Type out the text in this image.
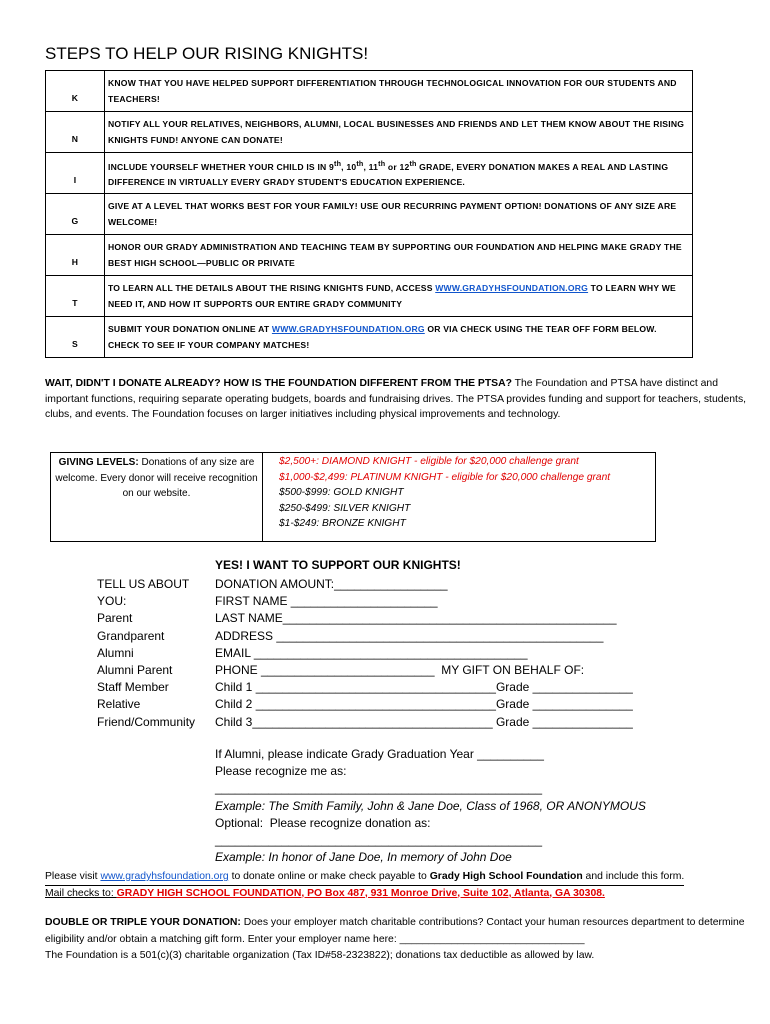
STEPS TO HELP OUR RISING KNIGHTS!
K	KNOW THAT YOU HAVE HELPED SUPPORT DIFFERENTIATION THROUGH TECHNOLOGICAL INNOVATION FOR OUR STUDENTS AND TEACHERS!
N	NOTIFY ALL YOUR RELATIVES, NEIGHBORS, ALUMNI, LOCAL BUSINESSES AND FRIENDS AND LET THEM KNOW ABOUT THE RISING KNIGHTS FUND! ANYONE CAN DONATE!
I	INCLUDE YOURSELF WHETHER YOUR CHILD IS IN 9th, 10th, 11th or 12th GRADE, EVERY DONATION MAKES A REAL AND LASTING DIFFERENCE IN VIRTUALLY EVERY GRADY STUDENT'S EDUCATION EXPERIENCE.
G	GIVE AT A LEVEL THAT WORKS BEST FOR YOUR FAMILY! USE OUR RECURRING PAYMENT OPTION! DONATIONS OF ANY SIZE ARE WELCOME!
H	HONOR OUR GRADY ADMINISTRATION AND TEACHING TEAM BY SUPPORTING OUR FOUNDATION AND HELPING MAKE GRADY THE BEST HIGH SCHOOL—PUBLIC OR PRIVATE
T	TO LEARN ALL THE DETAILS ABOUT THE RISING KNIGHTS FUND, ACCESS WWW.GRADYHSFOUNDATION.ORG TO LEARN WHY WE NEED IT, AND HOW IT SUPPORTS OUR ENTIRE GRADY COMMUNITY
S	SUBMIT YOUR DONATION ONLINE AT WWW.GRADYHSFOUNDATION.ORG OR VIA CHECK USING THE TEAR OFF FORM BELOW. CHECK TO SEE IF YOUR COMPANY MATCHES!
WAIT, DIDN'T I DONATE ALREADY? HOW IS THE FOUNDATION DIFFERENT FROM THE PTSA? The Foundation and PTSA have distinct and important functions, requiring separate operating budgets, boards and fundraising drives. The PTSA provides funding and support for teachers, students, clubs, and events. The Foundation focuses on larger initiatives including physical improvements and technology.
GIVING LEVELS: Donations of any size are welcome. Every donor will receive recognition on our website.
$2,500+: DIAMOND KNIGHT - eligible for $20,000 challenge grant
$1,000-$2,499: PLATINUM KNIGHT - eligible for $20,000 challenge grant
$500-$999: GOLD KNIGHT
$250-$499: SILVER KNIGHT
$1-$249: BRONZE KNIGHT
YES! I WANT TO SUPPORT OUR KNIGHTS!
TELL US ABOUT
YOU:
Parent
Grandparent
Alumni
Alumni Parent
Staff Member
Relative
Friend/Community
DONATION AMOUNT:_________________
FIRST NAME ______________________
LAST NAME__________________________________________________
ADDRESS _________________________________________________
EMAIL _________________________________________
PHONE __________________________  MY GIFT ON BEHALF OF:
Child 1 ____________________________________Grade _______________
Child 2 ____________________________________Grade _______________
Child 3____________________________________ Grade _______________
If Alumni, please indicate Grady Graduation Year __________
Please recognize me as:
_________________________________________________
Example: The Smith Family, John & Jane Doe, Class of 1968, OR ANONYMOUS
Optional:  Please recognize donation as:
_________________________________________________
Example: In honor of Jane Doe, In memory of John Doe
Please visit www.gradyhsfoundation.org to donate online or make check payable to Grady High School Foundation and include this form.
Mail checks to: GRADY HIGH SCHOOL FOUNDATION, PO Box 487, 931 Monroe Drive, Suite 102, Atlanta, GA 30308.
DOUBLE OR TRIPLE YOUR DONATION: Does your employer match charitable contributions? Contact your human resources department to determine eligibility and/or obtain a matching gift form. Enter your employer name here: ________________________________
The Foundation is a 501(c)(3) charitable organization (Tax ID#58-2323822); donations tax deductible as allowed by law.
